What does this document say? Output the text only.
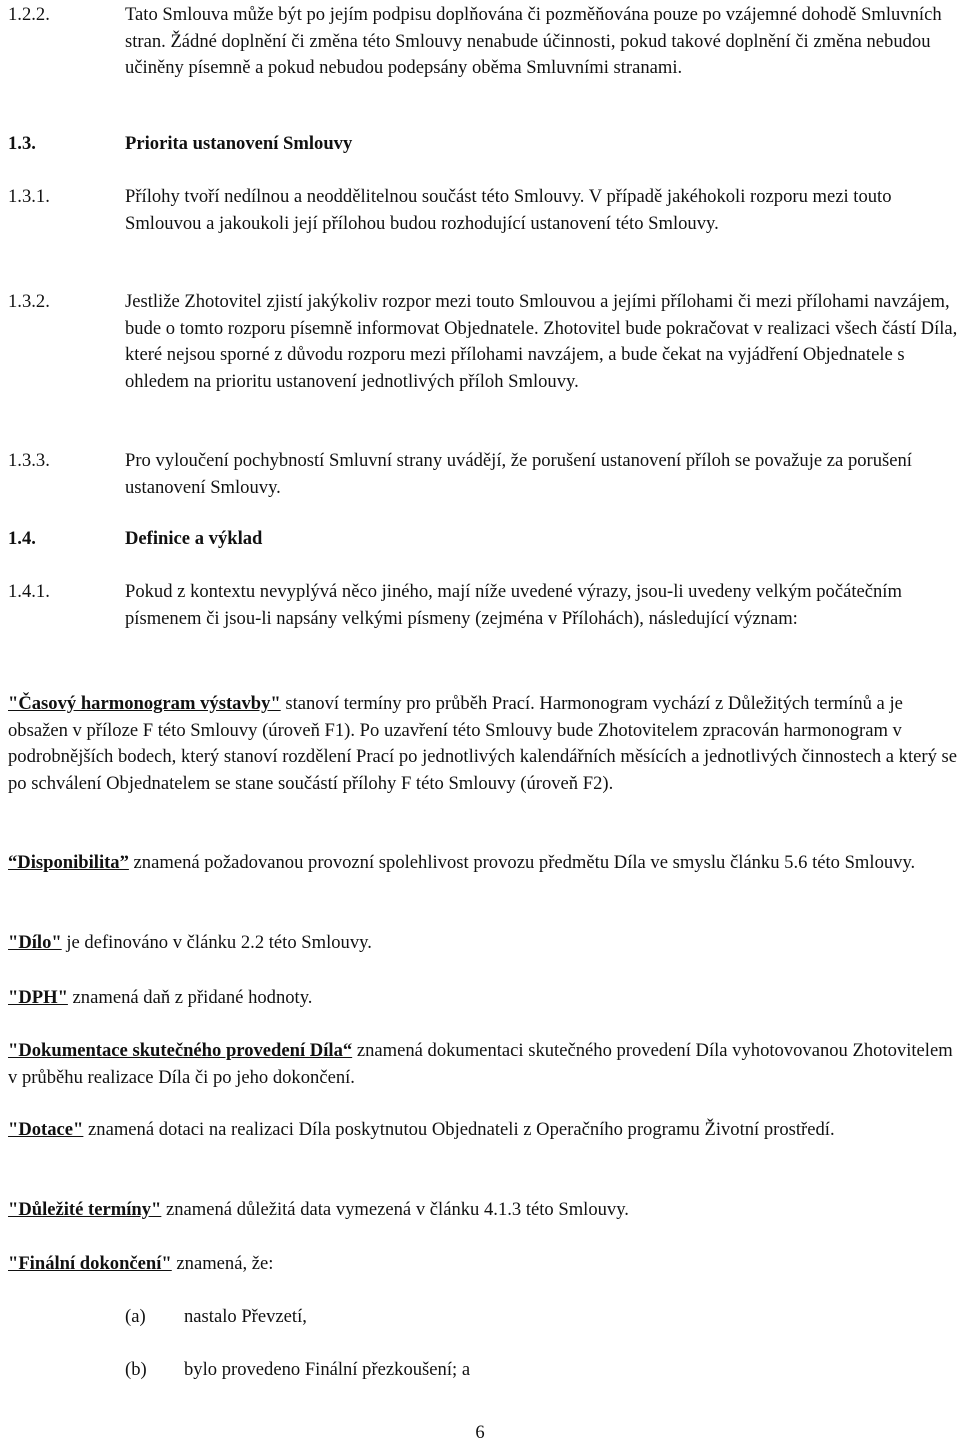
1.2.2.	Tato Smlouva může být po jejím podpisu doplňována či pozměňována pouze po vzájemné dohodě Smluvních stran. Žádné doplnění či změna této Smlouvy nenabude účinnosti, pokud takové doplnění či změna nebudou učiněny písemně a pokud nebudou podepsány oběma Smluvními stranami.
1.3.	Priorita ustanovení Smlouvy
1.3.1.	Přílohy tvoří nedílnou a neoddělitelnou součást této Smlouvy. V případě jakéhokoli rozporu mezi touto Smlouvou a jakoukoli její přílohou budou rozhodující ustanovení této Smlouvy.
1.3.2.	Jestliže Zhotovitel zjistí jakýkoliv rozpor mezi touto Smlouvou a jejími přílohami či mezi přílohami navzájem, bude o tomto rozporu písemně informovat Objednatele. Zhotovitel bude pokračovat v realizaci všech částí Díla, které nejsou sporné z důvodu rozporu mezi přílohami navzájem, a bude čekat na vyjádření Objednatele s ohledem na prioritu ustanovení jednotlivých příloh Smlouvy.
1.3.3.	Pro vyloučení pochybností Smluvní strany uvádějí, že porušení ustanovení příloh se považuje za porušení ustanovení Smlouvy.
1.4.	Definice a výklad
1.4.1.	Pokud z kontextu nevyplývá něco jiného, mají níže uvedené výrazy, jsou-li uvedeny velkým počátečním písmenem či jsou-li napsány velkými písmeny (zejména v Přílohách), následující význam:
"Časový harmonogram výstavby" stanoví termíny pro průběh Prací. Harmonogram vychází z Důležitých termínů a je obsažen v příloze F této Smlouvy (úroveň F1). Po uzavření této Smlouvy bude Zhotovitelem zpracován harmonogram v podrobnějších bodech, který stanoví rozdělení Prací po jednotlivých kalendářních měsících a jednotlivých činnostech a který se po schválení Objednatelem se stane součástí přílohy F této Smlouvy (úroveň F2).
“Disponibilita” znamená požadovanou provozní spolehlivost provozu předmětu Díla ve smyslu článku 5.6 této Smlouvy.
"Dílo" je definováno v článku 2.2 této Smlouvy.
"DPH" znamená daň z přidané hodnoty.
"Dokumentace skutečného provedení Díla“ znamená dokumentaci skutečného provedení Díla vyhotovovanou Zhotovitelem v průběhu realizace Díla či po jeho dokončení.
"Dotace" znamená dotaci na realizaci Díla poskytnutou Objednateli z Operačního programu Životní prostředí.
"Důležité termíny" znamená důležitá data vymezená v článku 4.1.3 této Smlouvy.
"Finální dokončení" znamená, že:
(a) nastalo Převzetí,
(b) bylo provedeno Finální přezkoušení; a
6
